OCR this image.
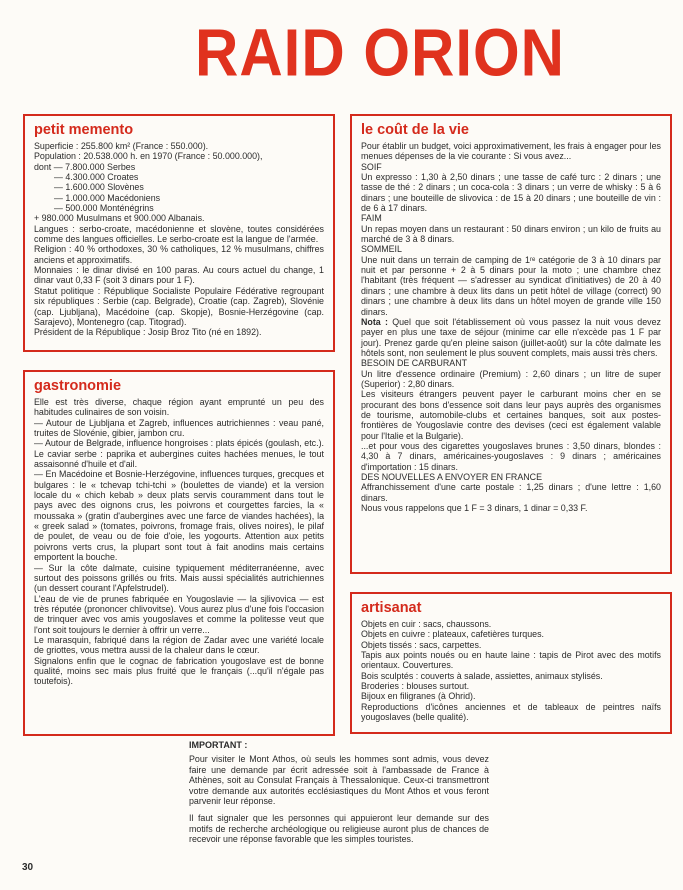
RAID ORION
petit memento

Superficie : 255.800 km² (France : 550.000).

Population : 20.538.000 h. en 1970 (France : 50.000.000),

dont — 7.800.000 Serbes

— 4.300.000 Croates

— 1.600.000 Slovènes

— 1.000.000 Macédoniens

— 500.000 Monténégrins

+ 980.000 Musulmans et 900.000 Albanais.

Langues : serbo-croate, macédonienne et slovène, toutes considérées comme des langues officielles. Le serbo-croate est la langue de l'armée.

Religion : 40 % orthodoxes, 30 % catholiques, 12 % musulmans, chiffres anciens et approximatifs.

Monnaies : le dinar divisé en 100 paras. Au cours actuel du change, 1 dinar vaut 0,33 F (soit 3 dinars pour 1 F).

Statut politique : République Socialiste Populaire Fédérative regroupant six républiques : Serbie (cap. Belgrade), Croatie (cap. Zagreb), Slovénie (cap. Ljubljana), Macédoine (cap. Skopje), Bosnie-Herzégovine (cap. Sarajevo), Montenegro (cap. Titograd).

Président de la République : Josip Broz Tito (né en 1892).

gastronomie

Elle est très diverse, chaque région ayant emprunté un peu des habitudes culinaires de son voisin.

— Autour de Ljubljana et Zagreb, influences autrichiennes : veau pané, truites de Slovénie, gibier, jambon cru.

— Autour de Belgrade, influence hongroises : plats épicés (goulash, etc.). Le caviar serbe : paprika et aubergines cuites hachées menues, le tout assaisonné d'huile et d'ail.

— En Macédoine et Bosnie-Herzégovine, influences turques, grecques et bulgares : le « tchevap tchi-tchi » (boulettes de viande) et la version locale du « chich kebab » deux plats servis couramment dans tout le pays avec des oignons crus, les poivrons et courgettes farcies, la « moussaka » (gratin d'aubergines avec une farce de viandes hachées), la « greek salad » (tomates, poivrons, fromage frais, olives noires), le pilaf de poulet, de veau ou de foie d'oie, les yogourts. Attention aux petits poivrons verts crus, la plupart sont tout à fait anodins mais certains emportent la bouche.

— Sur la côte dalmate, cuisine typiquement méditerranéenne, avec surtout des poissons grillés ou frits. Mais aussi spécialités autrichiennes (un dessert courant l'Apfelstrudel).

L'eau de vie de prunes fabriquée en Yougoslavie — la sjlivovica — est très réputée (prononcer chlivovitse). Vous aurez plus d'une fois l'occasion de trinquer avec vos amis yougoslaves et comme la politesse veut que l'ont soit toujours le dernier à offrir un verre...

Le marasquin, fabriqué dans la région de Zadar avec une variété locale de griottes, vous mettra aussi de la chaleur dans le cœur.

Signalons enfin que le cognac de fabrication yougoslave est de bonne qualité, moins sec mais plus fruité que le français (...qu'il n'égale pas toutefois).

le coût de la vie

Pour établir un budget, voici approximativement, les frais à engager pour les menues dépenses de la vie courante : Si vous avez...

SOIF

Un expresso : 1,30 à 2,50 dinars ; une tasse de café turc : 2 dinars ; une tasse de thé : 2 dinars ; un coca-cola : 3 dinars ; un verre de whisky : 5 à 6 dinars ; une bouteille de slivovica : de 15 à 20 dinars ; une bouteille de vin : de 6 à 17 dinars.

FAIM

Un repas moyen dans un restaurant : 50 dinars environ ; un kilo de fruits au marché de 3 à 8 dinars.

SOMMEIL

Une nuit dans un terrain de camping de 1ʳᵉ catégorie de 3 à 10 dinars par nuit et par personne + 2 à 5 dinars pour la moto ; une chambre chez l'habitant (très fréquent — s'adresser au syndicat d'initiatives) de 20 à 40 dinars ; une chambre à deux lits dans un petit hôtel de village (correct) 90 dinars ; une chambre à deux lits dans un hôtel moyen de grande ville 150 dinars.

Nota : Quel que soit l'établissement où vous passez la nuit vous devez payer en plus une taxe de séjour (minime car elle n'excède pas 1 F par jour). Prenez garde qu'en pleine saison (juillet-août) sur la côte dalmate les hôtels sont, non seulement le plus souvent complets, mais aussi très chers.

BESOIN DE CARBURANT

Un litre d'essence ordinaire (Premium) : 2,60 dinars ; un litre de super (Superior) : 2,80 dinars.

Les visiteurs étrangers peuvent payer le carburant moins cher en se procurant des bons d'essence soit dans leur pays auprès des organismes de tourisme, automobile-clubs et certaines banques, soit aux postes-frontières de Yougoslavie contre des devises (ceci est également valable pour l'Italie et la Bulgarie).

...et pour vous des cigarettes yougoslaves brunes : 3,50 dinars, blondes : 4,30 à 7 dinars, américaines-yougoslaves : 9 dinars ; américaines d'importation : 15 dinars.

DES NOUVELLES A ENVOYER EN FRANCE

Affranchissement d'une carte postale : 1,25 dinars ; d'une lettre : 1,60 dinars.

Nous vous rappelons que 1 F = 3 dinars, 1 dinar = 0,33 F.

artisanat

Objets en cuir : sacs, chaussons.

Objets en cuivre : plateaux, cafetières turques.

Objets tissés : sacs, carpettes.

Tapis aux points noués ou en haute laine : tapis de Pirot avec des motifs orientaux. Couvertures.

Bois sculptés : couverts à salade, assiettes, animaux stylisés.

Broderies : blouses surtout.

Bijoux en filigranes (à Ohrid).

Reproductions d'icônes anciennes et de tableaux de peintres naïfs yougoslaves (belle qualité).

IMPORTANT :

Pour visiter le Mont Athos, où seuls les hommes sont admis, vous devez faire une demande par écrit adressée soit à l'ambassade de France à Athènes, soit au Consulat Français à Thessalonique. Ceux-ci transmettront votre demande aux autorités ecclésiastiques du Mont Athos et vous feront parvenir leur réponse.

Il faut signaler que les personnes qui appuieront leur demande sur des motifs de recherche archéologique ou religieuse auront plus de chances de recevoir une réponse favorable que les simples touristes.

30
